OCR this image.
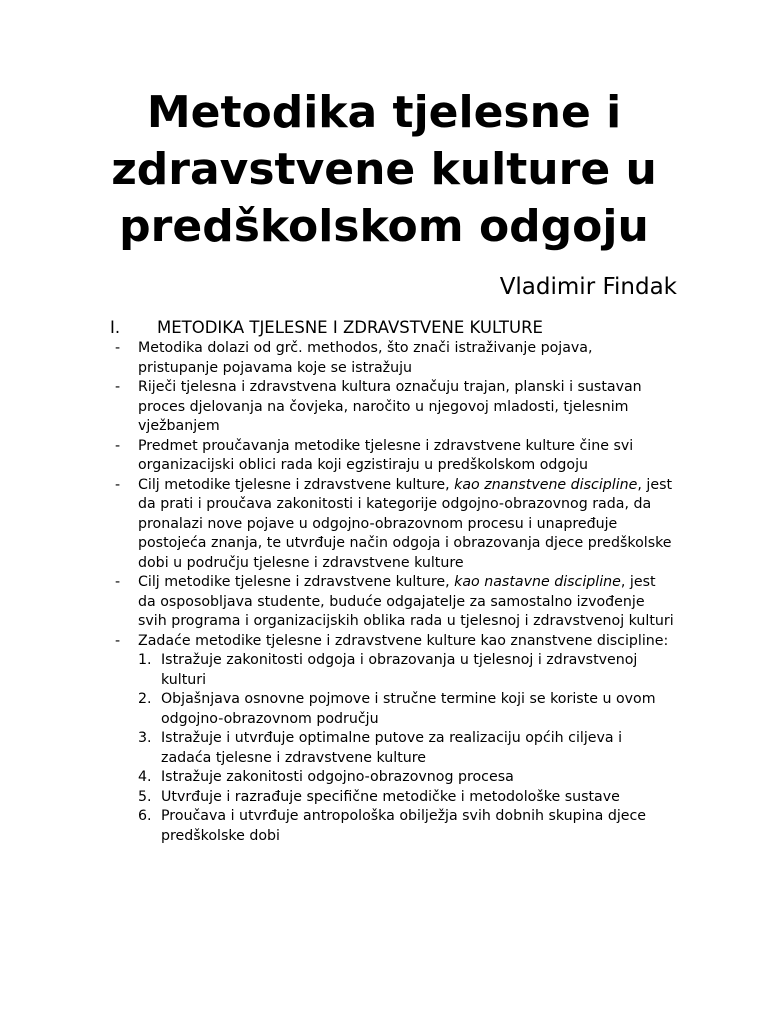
Metodika tjelesne i
zdravstvene kulture u
predškolskom odgoju

Vladimir Findak

I. METODIKA TJELESNE I ZDRAVSTVENE KULTURE

- Metodika dolazi od grč. methodos, što znači istraživanje pojava, pristupanje pojavama koje se istražuju

- Riječi tjelesna i zdravstvena kultura označuju trajan, planski i sustavan proces djelovanja na čovjeka, naročito u njegovoj mladosti, tjelesnim vježbanjem

- Predmet proučavanja metodike tjelesne i zdravstvene kulture čine svi organizacijski oblici rada koji egzistiraju u predškolskom odgoju

- Cilj metodike tjelesne i zdravstvene kulture, kao znanstvene discipline, jest da prati i proučava zakonitosti i kategorije odgojno-obrazovnog rada, da pronalazi nove pojave u odgojno-obrazovnom procesu i unapređuje postojeća znanja, te utvrđuje način odgoja i obrazovanja djece predškolske dobi u području tjelesne i zdravstvene kulture

- Cilj metodike tjelesne i zdravstvene kulture, kao nastavne discipline, jest da osposobljava studente, buduće odgajatelje za samostalno izvođenje svih programa i organizacijskih oblika rada u tjelesnoj i zdravstvenoj kulturi

- Zadaće metodike tjelesne i zdravstvene kulture kao znanstvene discipline:

1. Istražuje zakonitosti odgoja i obrazovanja u tjelesnoj i zdravstvenoj kulturi

2. Objašnjava osnovne pojmove i stručne termine koji se koriste u ovom odgojno-obrazovnom području

3. Istražuje i utvrđuje optimalne putove za realizaciju općih ciljeva i zadaća tjelesne i zdravstvene kulture

4. Istražuje zakonitosti odgojno-obrazovnog procesa

5. Utvrđuje i razrađuje specifične metodičke i metodološke sustave

6. Proučava i utvrđuje antropološka obilježja svih dobnih skupina djece predškolske dobi
